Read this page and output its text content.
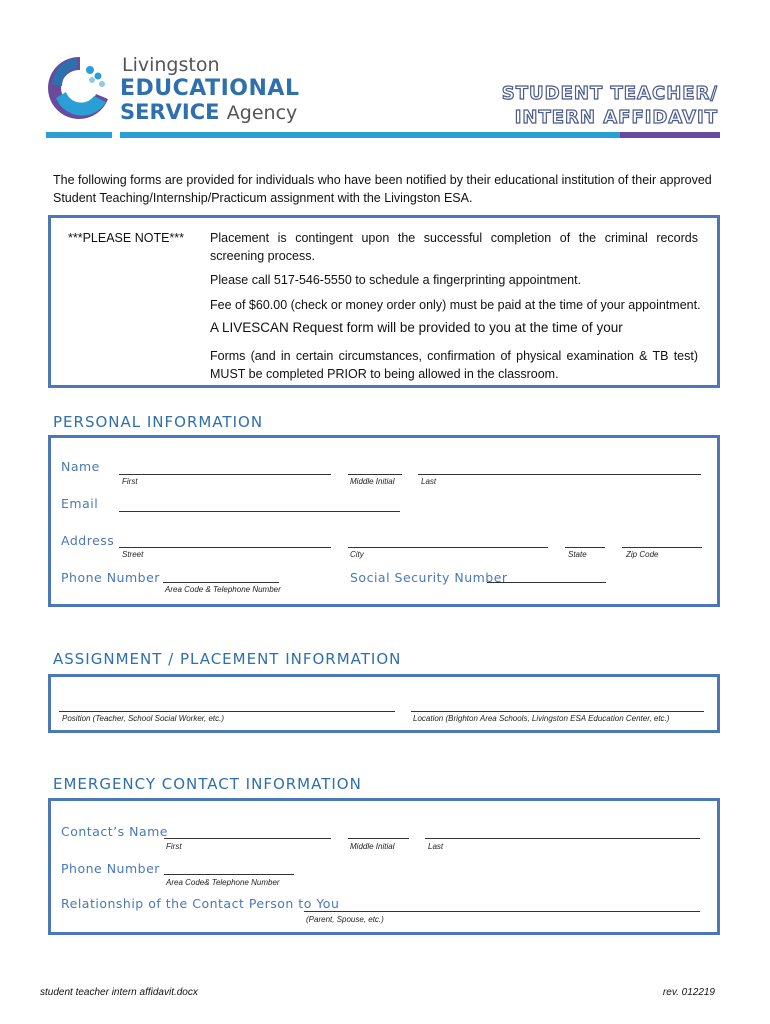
Livingston
EDUCATIONAL
SERVICE Agency
STUDENT TEACHER/
INTERN AFFIDAVIT
The following forms are provided for individuals who have been notified by their educational institution of their approved Student Teaching/Internship/Practicum assignment with the Livingston ESA.
***PLEASE NOTE*** Placement is contingent upon the successful completion of the criminal records screening process.
Please call 517-546-5550 to schedule a fingerprinting appointment.
Fee of $60.00 (check or money order only) must be paid at the time of your appointment.
A LIVESCAN Request form will be provided to you at the time of your
Forms (and in certain circumstances, confirmation of physical examination & TB test) MUST be completed PRIOR to being allowed in the classroom.
PERSONAL INFORMATION
Name
First	Middle Initial	Last
Email
Address
Street	City	State	Zip Code
Phone Number
Area Code & Telephone Number
Social Security Number
ASSIGNMENT / PLACEMENT INFORMATION
Position (Teacher, School Social Worker, etc.)	Location (Brighton Area Schools, Livingston ESA Education Center, etc.)
EMERGENCY CONTACT INFORMATION
Contact’s Name
First	Middle Initial	Last
Phone Number
Area Code& Telephone Number
Relationship of the Contact Person to You
(Parent, Spouse, etc.)
student teacher intern affidavit.docx	rev. 012219
